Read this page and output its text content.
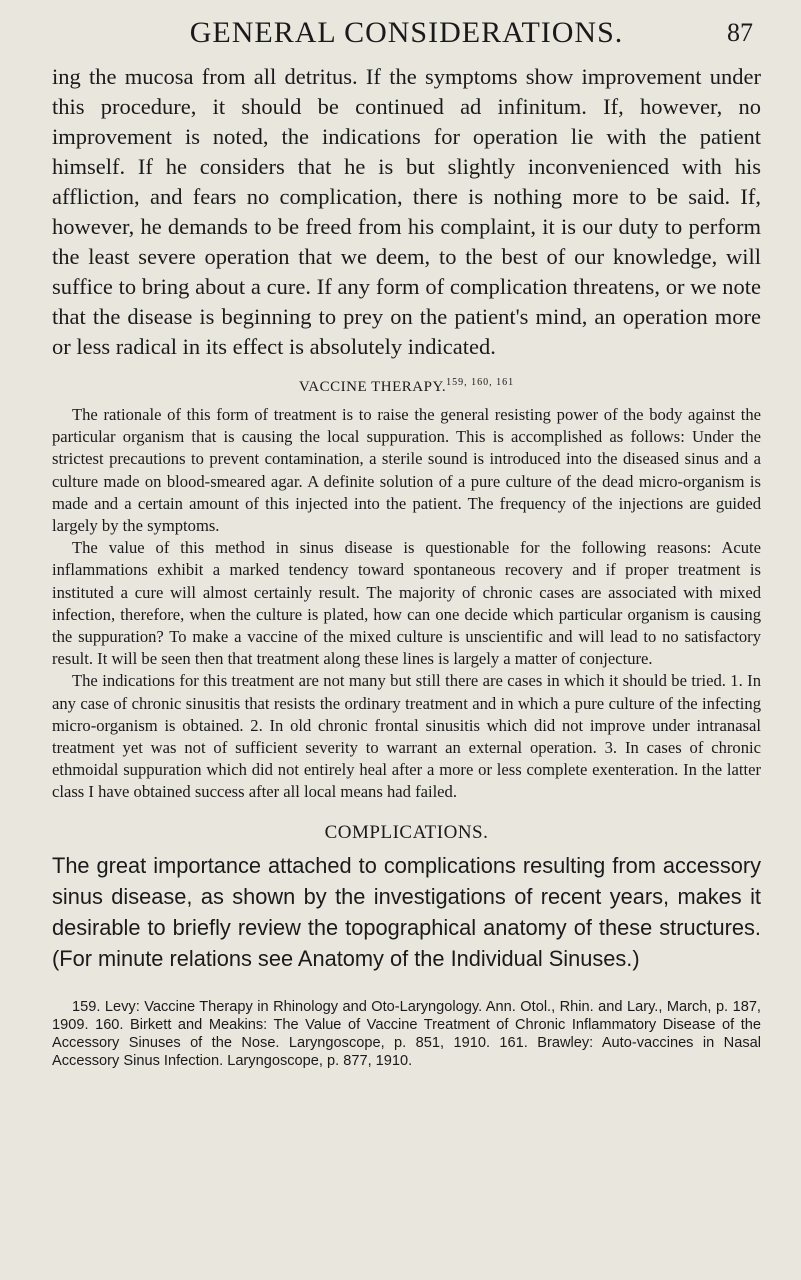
GENERAL CONSIDERATIONS.	87

ing the mucosa from all detritus. If the symptoms show improvement under this procedure, it should be continued ad infinitum. If, however, no improvement is noted, the indications for operation lie with the patient himself. If he considers that he is but slightly inconvenienced with his affliction, and fears no complication, there is nothing more to be said. If, however, he demands to be freed from his complaint, it is our duty to perform the least severe operation that we deem, to the best of our knowledge, will suffice to bring about a cure. If any form of complication threatens, or we note that the disease is beginning to prey on the patient's mind, an operation more or less radical in its effect is absolutely indicated.

VACCINE THERAPY.$^{159, 160, 161}$

The rationale of this form of treatment is to raise the general resisting power of the body against the particular organism that is causing the local suppuration. This is accomplished as follows: Under the strictest precautions to prevent contamination, a sterile sound is introduced into the diseased sinus and a culture made on blood-smeared agar. A definite solution of a pure culture of the dead micro-organism is made and a certain amount of this injected into the patient. The frequency of the injections are guided largely by the symptoms.

The value of this method in sinus disease is questionable for the following reasons: Acute inflammations exhibit a marked tendency toward spontaneous recovery and if proper treatment is instituted a cure will almost certainly result. The majority of chronic cases are associated with mixed infection, therefore, when the culture is plated, how can one decide which particular organism is causing the suppuration? To make a vaccine of the mixed culture is unscientific and will lead to no satisfactory result. It will be seen then that treatment along these lines is largely a matter of conjecture.

The indications for this treatment are not many but still there are cases in which it should be tried. 1. In any case of chronic sinusitis that resists the ordinary treatment and in which a pure culture of the infecting micro-organism is obtained. 2. In old chronic frontal sinusitis which did not improve under intranasal treatment yet was not of sufficient severity to warrant an external operation. 3. In cases of chronic ethmoidal suppuration which did not entirely heal after a more or less complete exenteration. In the latter class I have obtained success after all local means had failed.

COMPLICATIONS.

The great importance attached to complications resulting from accessory sinus disease, as shown by the investigations of recent years, makes it desirable to briefly review the topographical anatomy of these structures. (For minute relations see Anatomy of the Individual Sinuses.)

159. Levy: Vaccine Therapy in Rhinology and Oto-Laryngology. Ann. Otol., Rhin. and Lary., March, p. 187, 1909. 160. Birkett and Meakins: The Value of Vaccine Treatment of Chronic Inflammatory Disease of the Accessory Sinuses of the Nose. Laryngoscope, p. 851, 1910. 161. Brawley: Auto-vaccines in Nasal Accessory Sinus Infection. Laryngoscope, p. 877, 1910.
